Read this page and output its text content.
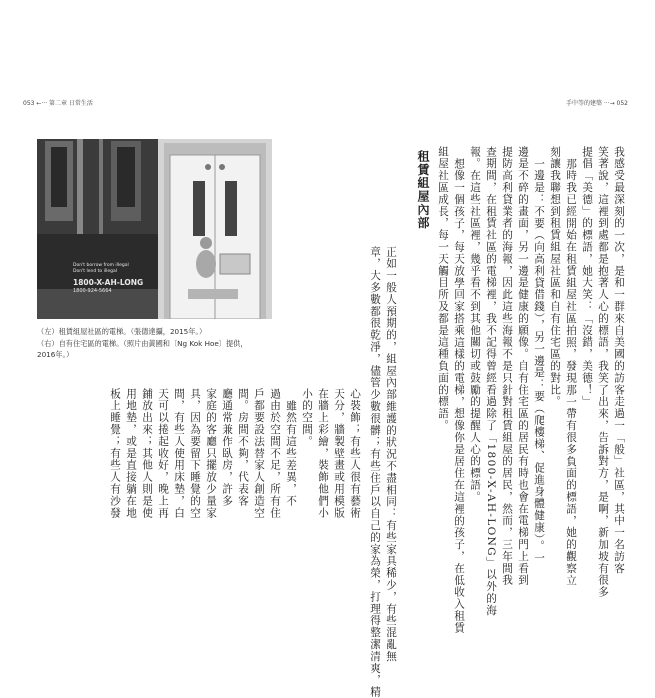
053 ←··· 第二章 日常生活	手中等的建築 ···→ 052
Don't borrow from illegal
Don't lend to illegal
1800-X-AH-LONG
1800-924-5664
（左）租賃組屋社區的電梯。（張德達攝，2015年。）
（右）自有住宅區的電梯。（照片由黃國和〔Ng Kok Hoe〕提供，
2016年。）	我感受最深刻的一次，是和一群來自美國的訪客走過一「般」社區，其中一名訪客
笑著說，這裡到處都是抱著人心的標語，我笑了出來，告訴對方，是啊，新加坡有很多
提倡「美德」的標語，她大笑：「沒錯，美德！」
那時我已經開始在租賃組屋社區拍照，發現那一帶有很多負面的標語，她的觀察立
刻讓我聯想到租賃組屋社區和自有住宅區的對比。
一邊是：不要（向高利貸借錢），另一邊是：要（爬樓梯、促進身體健康）。一
邊是不碎的畫面，另一邊是健康的願像。自有住宅區的居民有時也會在電梯門上看到
提防高利貸業者的海報，因此這些海報不是只針對租賃組屋的居民，然而，三年間我
查期間，在租賃社區的電梯裡，我不記得曾經看過除了「1800-X-AH-LONG」以外的海
報。在這些社區裡，幾乎看不到其他關切或鼓勵的提醒人心的標語。
想像一個孩子，每天放學回家搭乘這樣的電梯，想像你是居住在這裡的孩子，在低收入租賃
組屋社區成長，每一天觸目所及都是這種負面的標語。
租賃組屋內部
正如一般人預期的，組屋內部維護的狀況不盡相同：有些家具稀少，有些混亂無
章，大多數都很乾淨，儘管少數很髒；有些住戶以自己的家為榮，打理得整潔清爽，精
心裝飾；有些人很有藝術
天分，牆製壁畫或用模版
在牆上彩繪，裝飾他們小
小的空間。
雖然有這些差異，不
過由於空間不足，所有住
戶都要設法替家人創造空
間。房間不夠，代表客
廳通常兼作臥房，許多
家庭的客廳只擺放少量家
具，因為要留下睡覺的空
間，有些人使用床墊，白
天可以捲起收好，晚上再
鋪放出來；其他人則是使
用地墊，或是直接躺在地
板上睡覺；有些人有沙發
